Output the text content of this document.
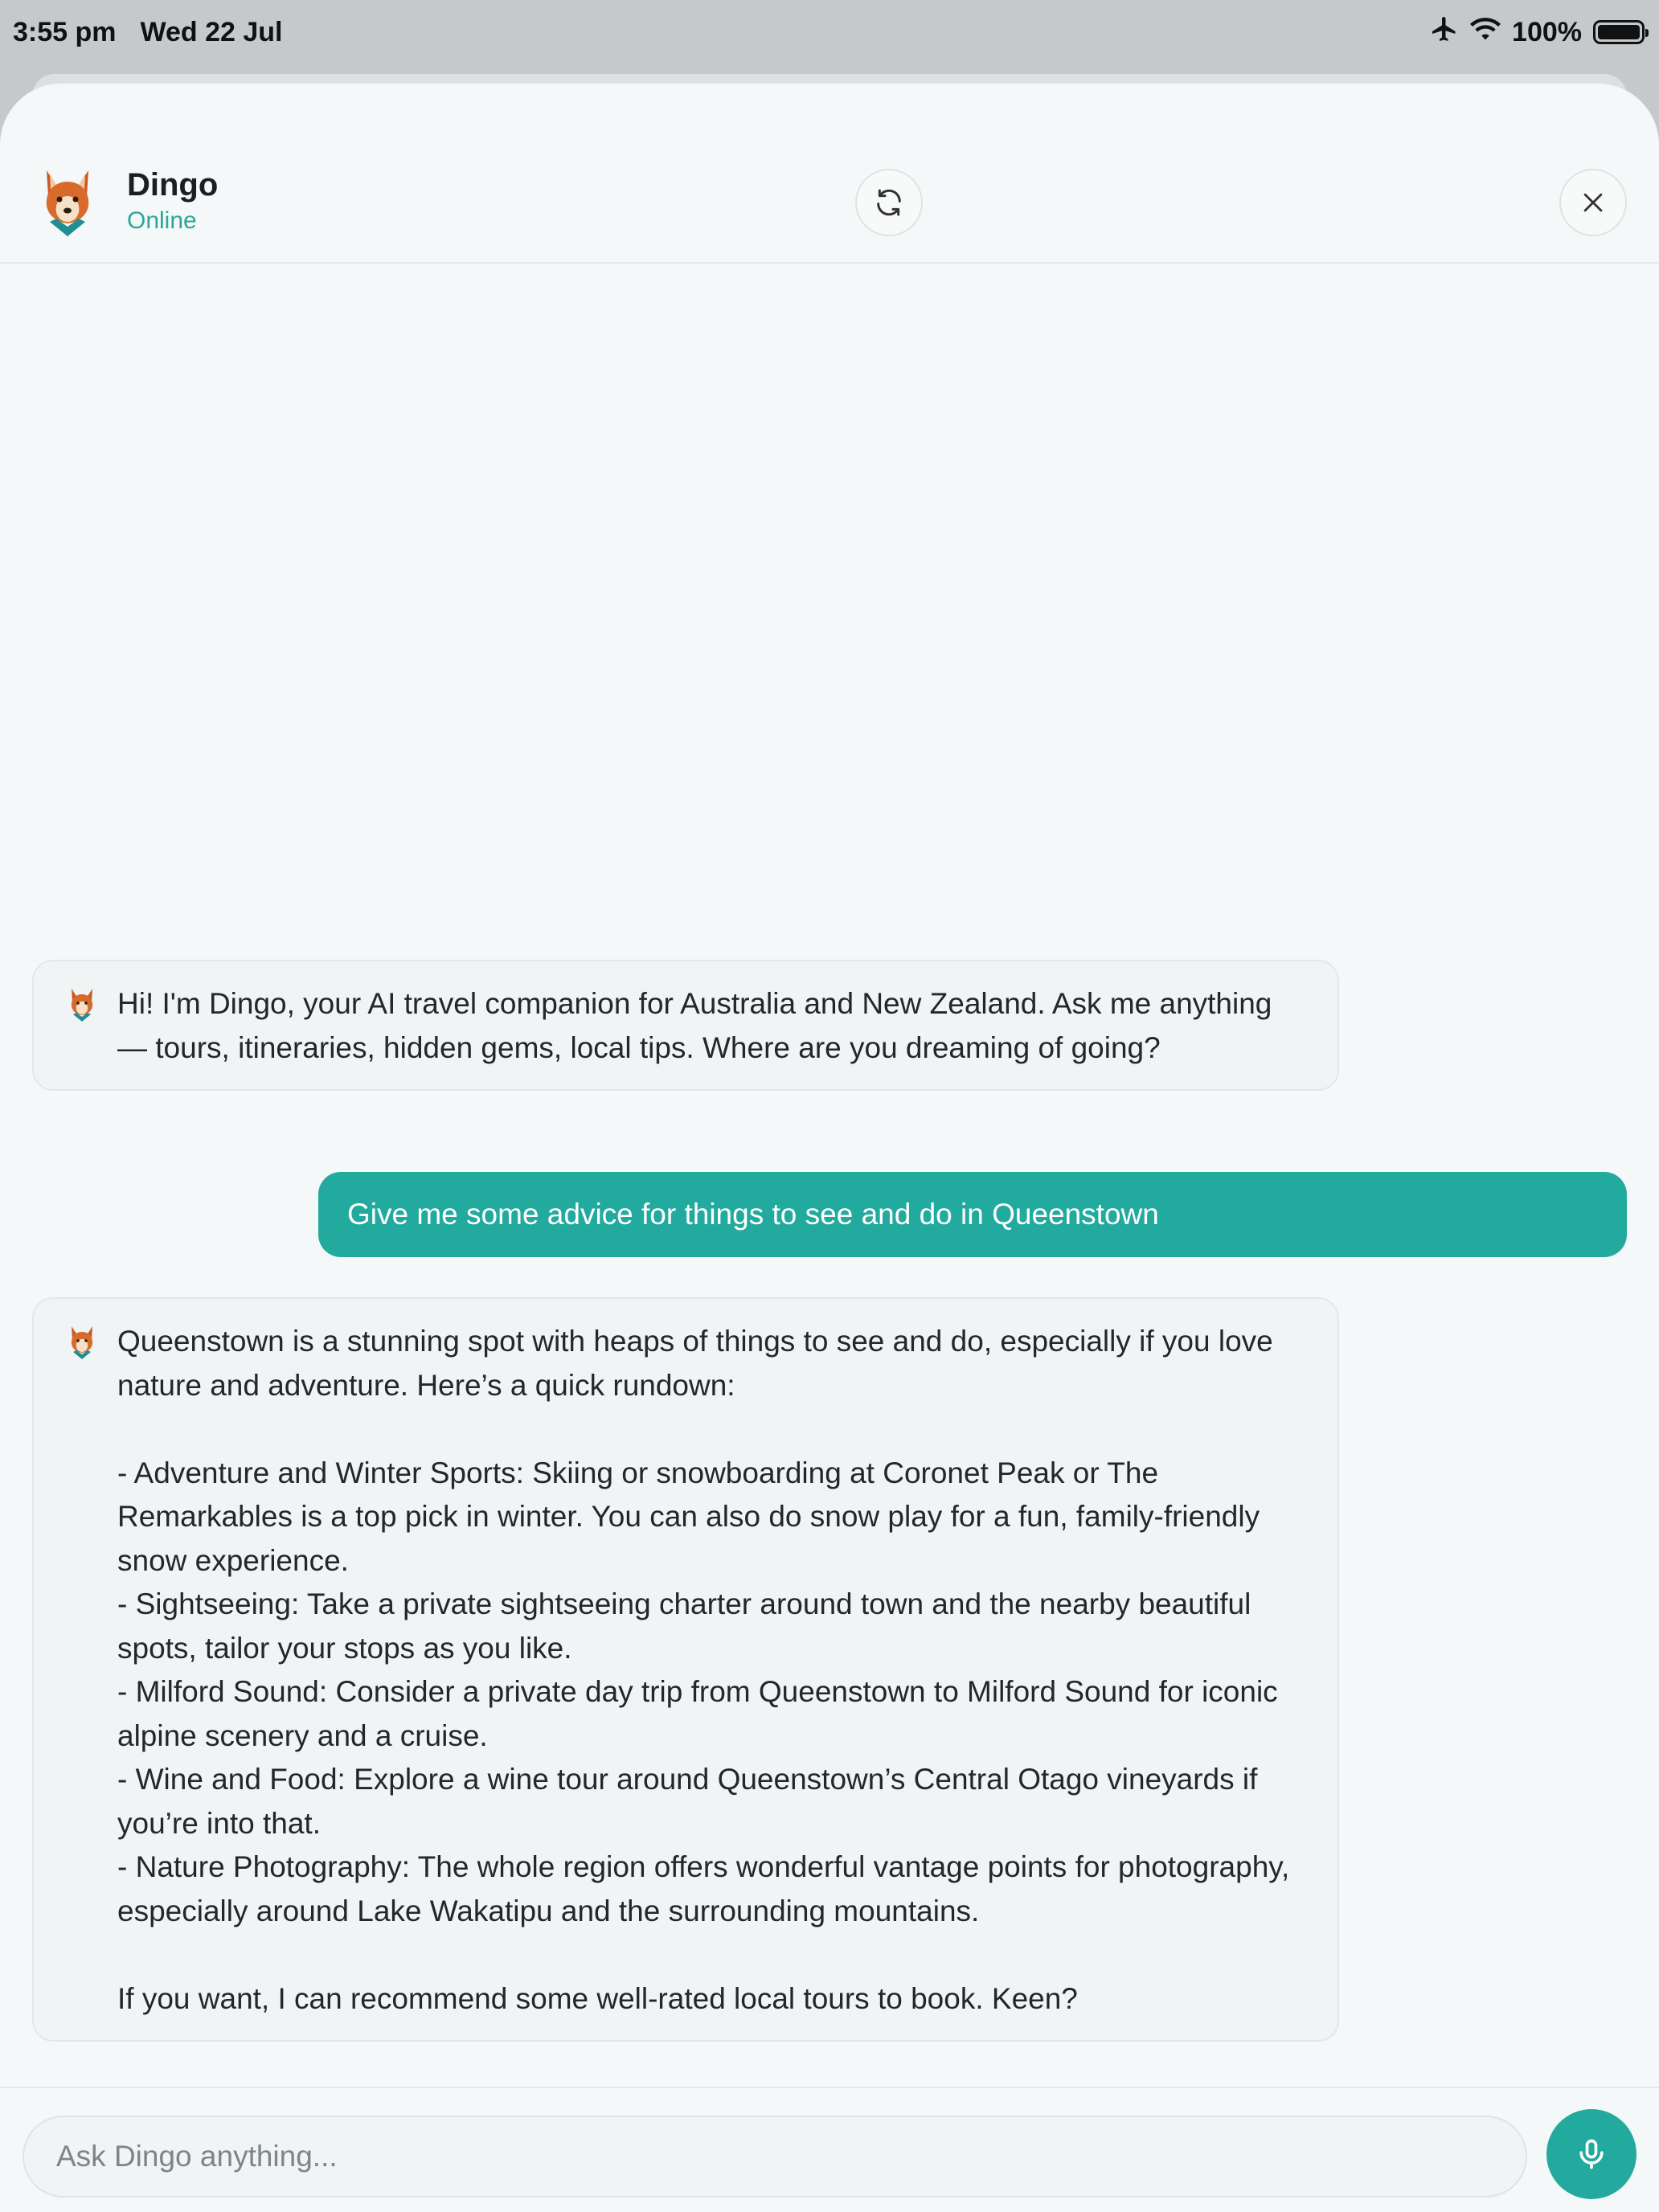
3:55 pm Wed 22 Jul	100%
Dingo
Online

Hi! I'm Dingo, your AI travel companion for Australia and New Zealand. Ask me anything — tours, itineraries, hidden gems, local tips. Where are you dreaming of going?

Give me some advice for things to see and do in Queenstown

Queenstown is a stunning spot with heaps of things to see and do, especially if you love nature and adventure. Here’s a quick rundown:

- Adventure and Winter Sports: Skiing or snowboarding at Coronet Peak or The Remarkables is a top pick in winter. You can also do snow play for a fun, family-friendly snow experience.
- Sightseeing: Take a private sightseeing charter around town and the nearby beautiful spots, tailor your stops as you like.
- Milford Sound: Consider a private day trip from Queenstown to Milford Sound for iconic alpine scenery and a cruise.
- Wine and Food: Explore a wine tour around Queenstown’s Central Otago vineyards if you’re into that.
- Nature Photography: The whole region offers wonderful vantage points for photography, especially around Lake Wakatipu and the surrounding mountains.

If you want, I can recommend some well-rated local tours to book. Keen?

Ask Dingo anything...
